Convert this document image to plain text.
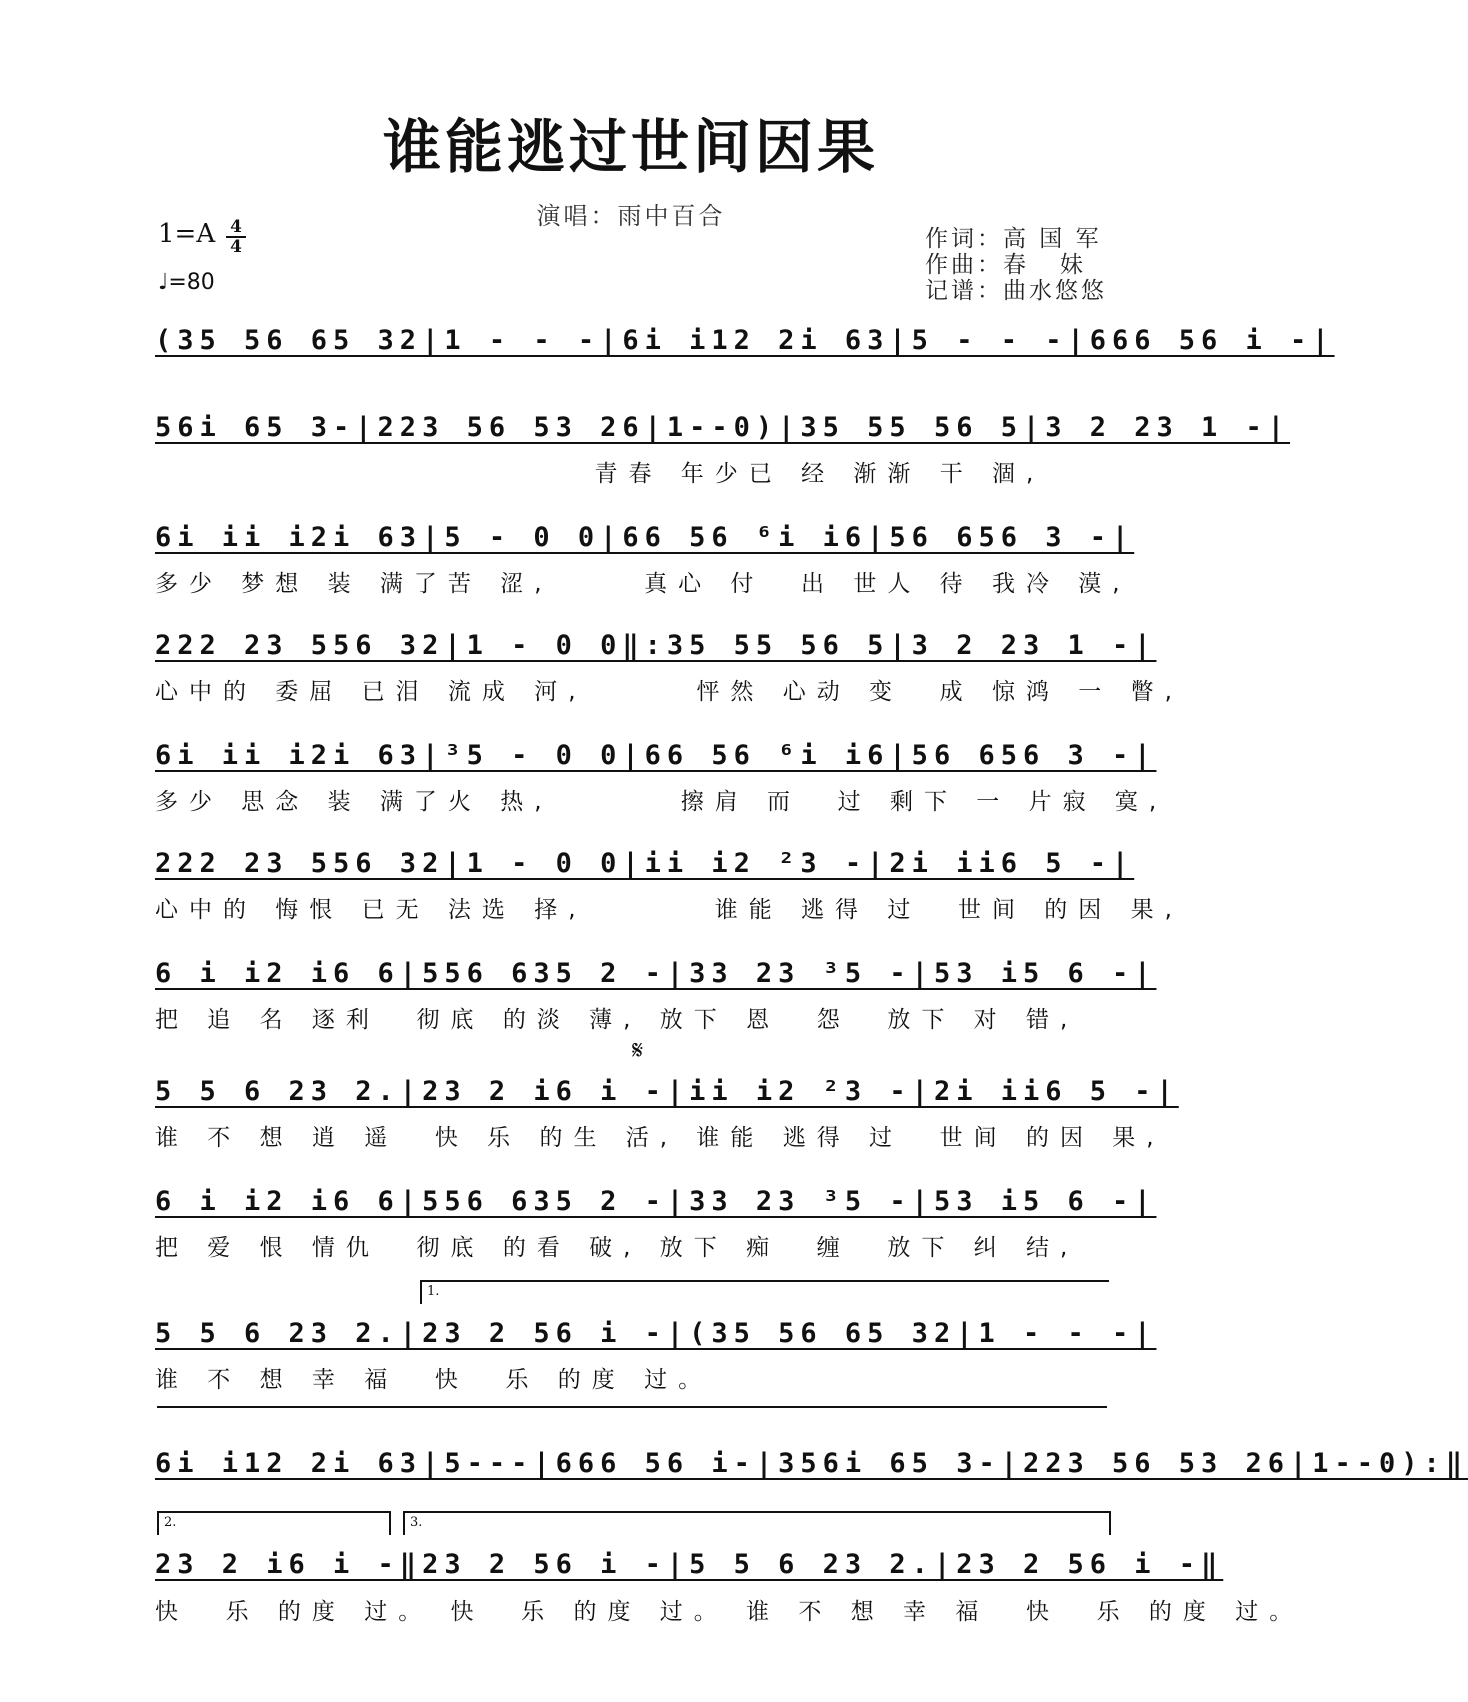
谁能逃过世间因果
演唱：雨中百合
1=A 4
4
♩=80
作词：高 国 军
作曲：春   妹
记谱：曲水悠悠
(35 56 65 32|1 - - -|6i i12 2i 63|5 - - -|666 56 i -|
56i 65 3-|223 56 53 26|1--0)|35 55 56 5|3 2 23 1 -|
青春 年少已 经 渐渐 干 涸,
6i ii i2i 63|5 - 0 0|66 56 ⁶i i6|56 656 3 -|
多少 梦想 装 满了苦 涩,     真心 付  出 世人 待 我冷 漠,
222 23 556 32|1 - 0 0‖:35 55 56 5|3 2 23 1 -|
心中的 委屈 已泪 流成 河,      怦然 心动 变  成 惊鸿 一 瞥,
6i ii i2i 63|³5 - 0 0|66 56 ⁶i i6|56 656 3 -|
多少 思念 装 满了火 热,       擦肩 而  过 剩下 一 片寂 寞,
222 23 556 32|1 - 0 0|ii i2 ²3 -|2i ii6 5 -|
心中的 悔恨 已无 法选 择,       谁能 逃得 过  世间 的因 果,
6 i i2 i6 6|556 635 2 -|33 23 ³5 -|53 i5 6 -|
把 追 名 逐利  彻底 的淡 薄, 放下 恩  怨  放下 对 错,
𝄋
5 5 6 23 2.|23 2 i6 i -|ii i2 ²3 -|2i ii6 5 -|
谁 不 想 逍 遥  快 乐 的生 活, 谁能 逃得 过  世间 的因 果,
6 i i2 i6 6|556 635 2 -|33 23 ³5 -|53 i5 6 -|
把 爱 恨 情仇  彻底 的看 破, 放下 痴  缠  放下 纠 结,
1.
5 5 6 23 2.|23 2 56 i -|(35 56 65 32|1 - - -|
谁 不 想 幸 福  快  乐 的度 过。
6i i12 2i 63|5---|666 56 i-|356i 65 3-|223 56 53 26|1--0):‖
2.	3.
23 2 i6 i -‖23 2 56 i -|5 5 6 23 2.|23 2 56 i -‖
快  乐 的度 过。 快  乐 的度 过。 谁 不 想 幸 福  快  乐 的度 过。
